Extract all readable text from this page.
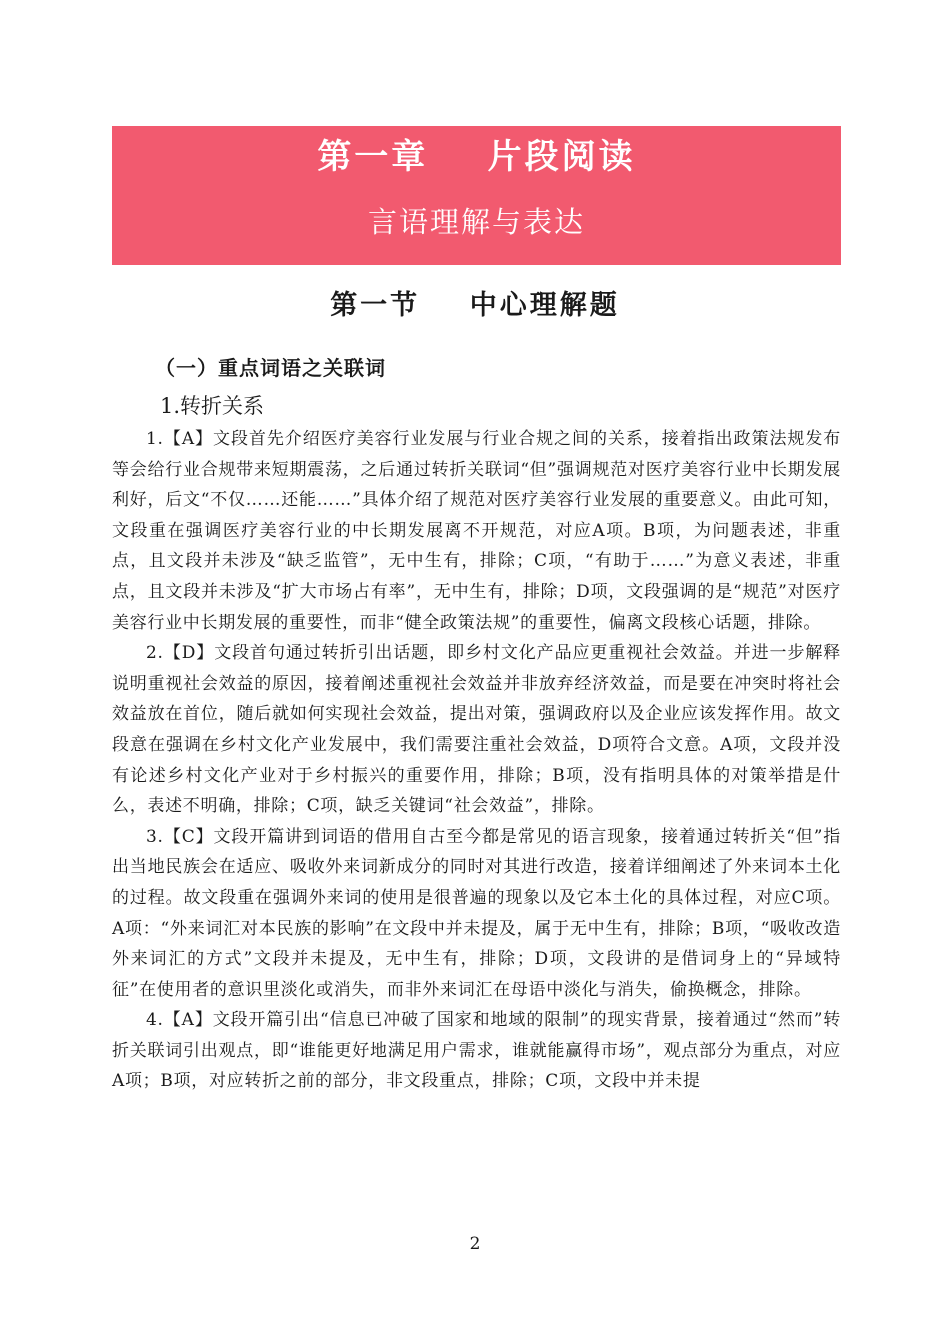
第一章    片段阅读
言语理解与表达
第一节    中心理解题
（一）重点词语之关联词
1.转折关系

1.【A】文段首先介绍医疗美容行业发展与行业合规之间的关系，接着指出政策法规发布等会给行业合规带来短期震荡，之后通过转折关联词“但”强调规范对医疗美容行业中长期发展利好，后文“不仅……还能……”具体介绍了规范对医疗美容行业发展的重要意义。由此可知，文段重在强调医疗美容行业的中长期发展离不开规范，对应A项。B项，为问题表述，非重点，且文段并未涉及“缺乏监管”，无中生有，排除；C项，“有助于……”为意义表述，非重点，且文段并未涉及“扩大市场占有率”，无中生有，排除；D项，文段强调的是“规范”对医疗美容行业中长期发展的重要性，而非“健全政策法规”的重要性，偏离文段核心话题，排除。

2.【D】文段首句通过转折引出话题，即乡村文化产品应更重视社会效益。并进一步解释说明重视社会效益的原因，接着阐述重视社会效益并非放弃经济效益，而是要在冲突时将社会效益放在首位，随后就如何实现社会效益，提出对策，强调政府以及企业应该发挥作用。故文段意在强调在乡村文化产业发展中，我们需要注重社会效益，D项符合文意。A项，文段并没有论述乡村文化产业对于乡村振兴的重要作用，排除；B项，没有指明具体的对策举措是什么，表述不明确，排除；C项，缺乏关键词“社会效益”，排除。

3.【C】文段开篇讲到词语的借用自古至今都是常见的语言现象，接着通过转折关“但”指出当地民族会在适应、吸收外来词新成分的同时对其进行改造，接着详细阐述了外来词本土化的过程。故文段重在强调外来词的使用是很普遍的现象以及它本土化的具体过程，对应C项。A项：“外来词汇对本民族的影响”在文段中并未提及，属于无中生有，排除；B项，“吸收改造外来词汇的方式”文段并未提及，无中生有，排除；D项，文段讲的是借词身上的“异域特征”在使用者的意识里淡化或消失，而非外来词汇在母语中淡化与消失，偷换概念，排除。

4.【A】文段开篇引出“信息已冲破了国家和地域的限制”的现实背景，接着通过“然而”转折关联词引出观点，即“谁能更好地满足用户需求，谁就能赢得市场”，观点部分为重点，对应A项；B项，对应转折之前的部分，非文段重点，排除；C项，文段中并未提

2
